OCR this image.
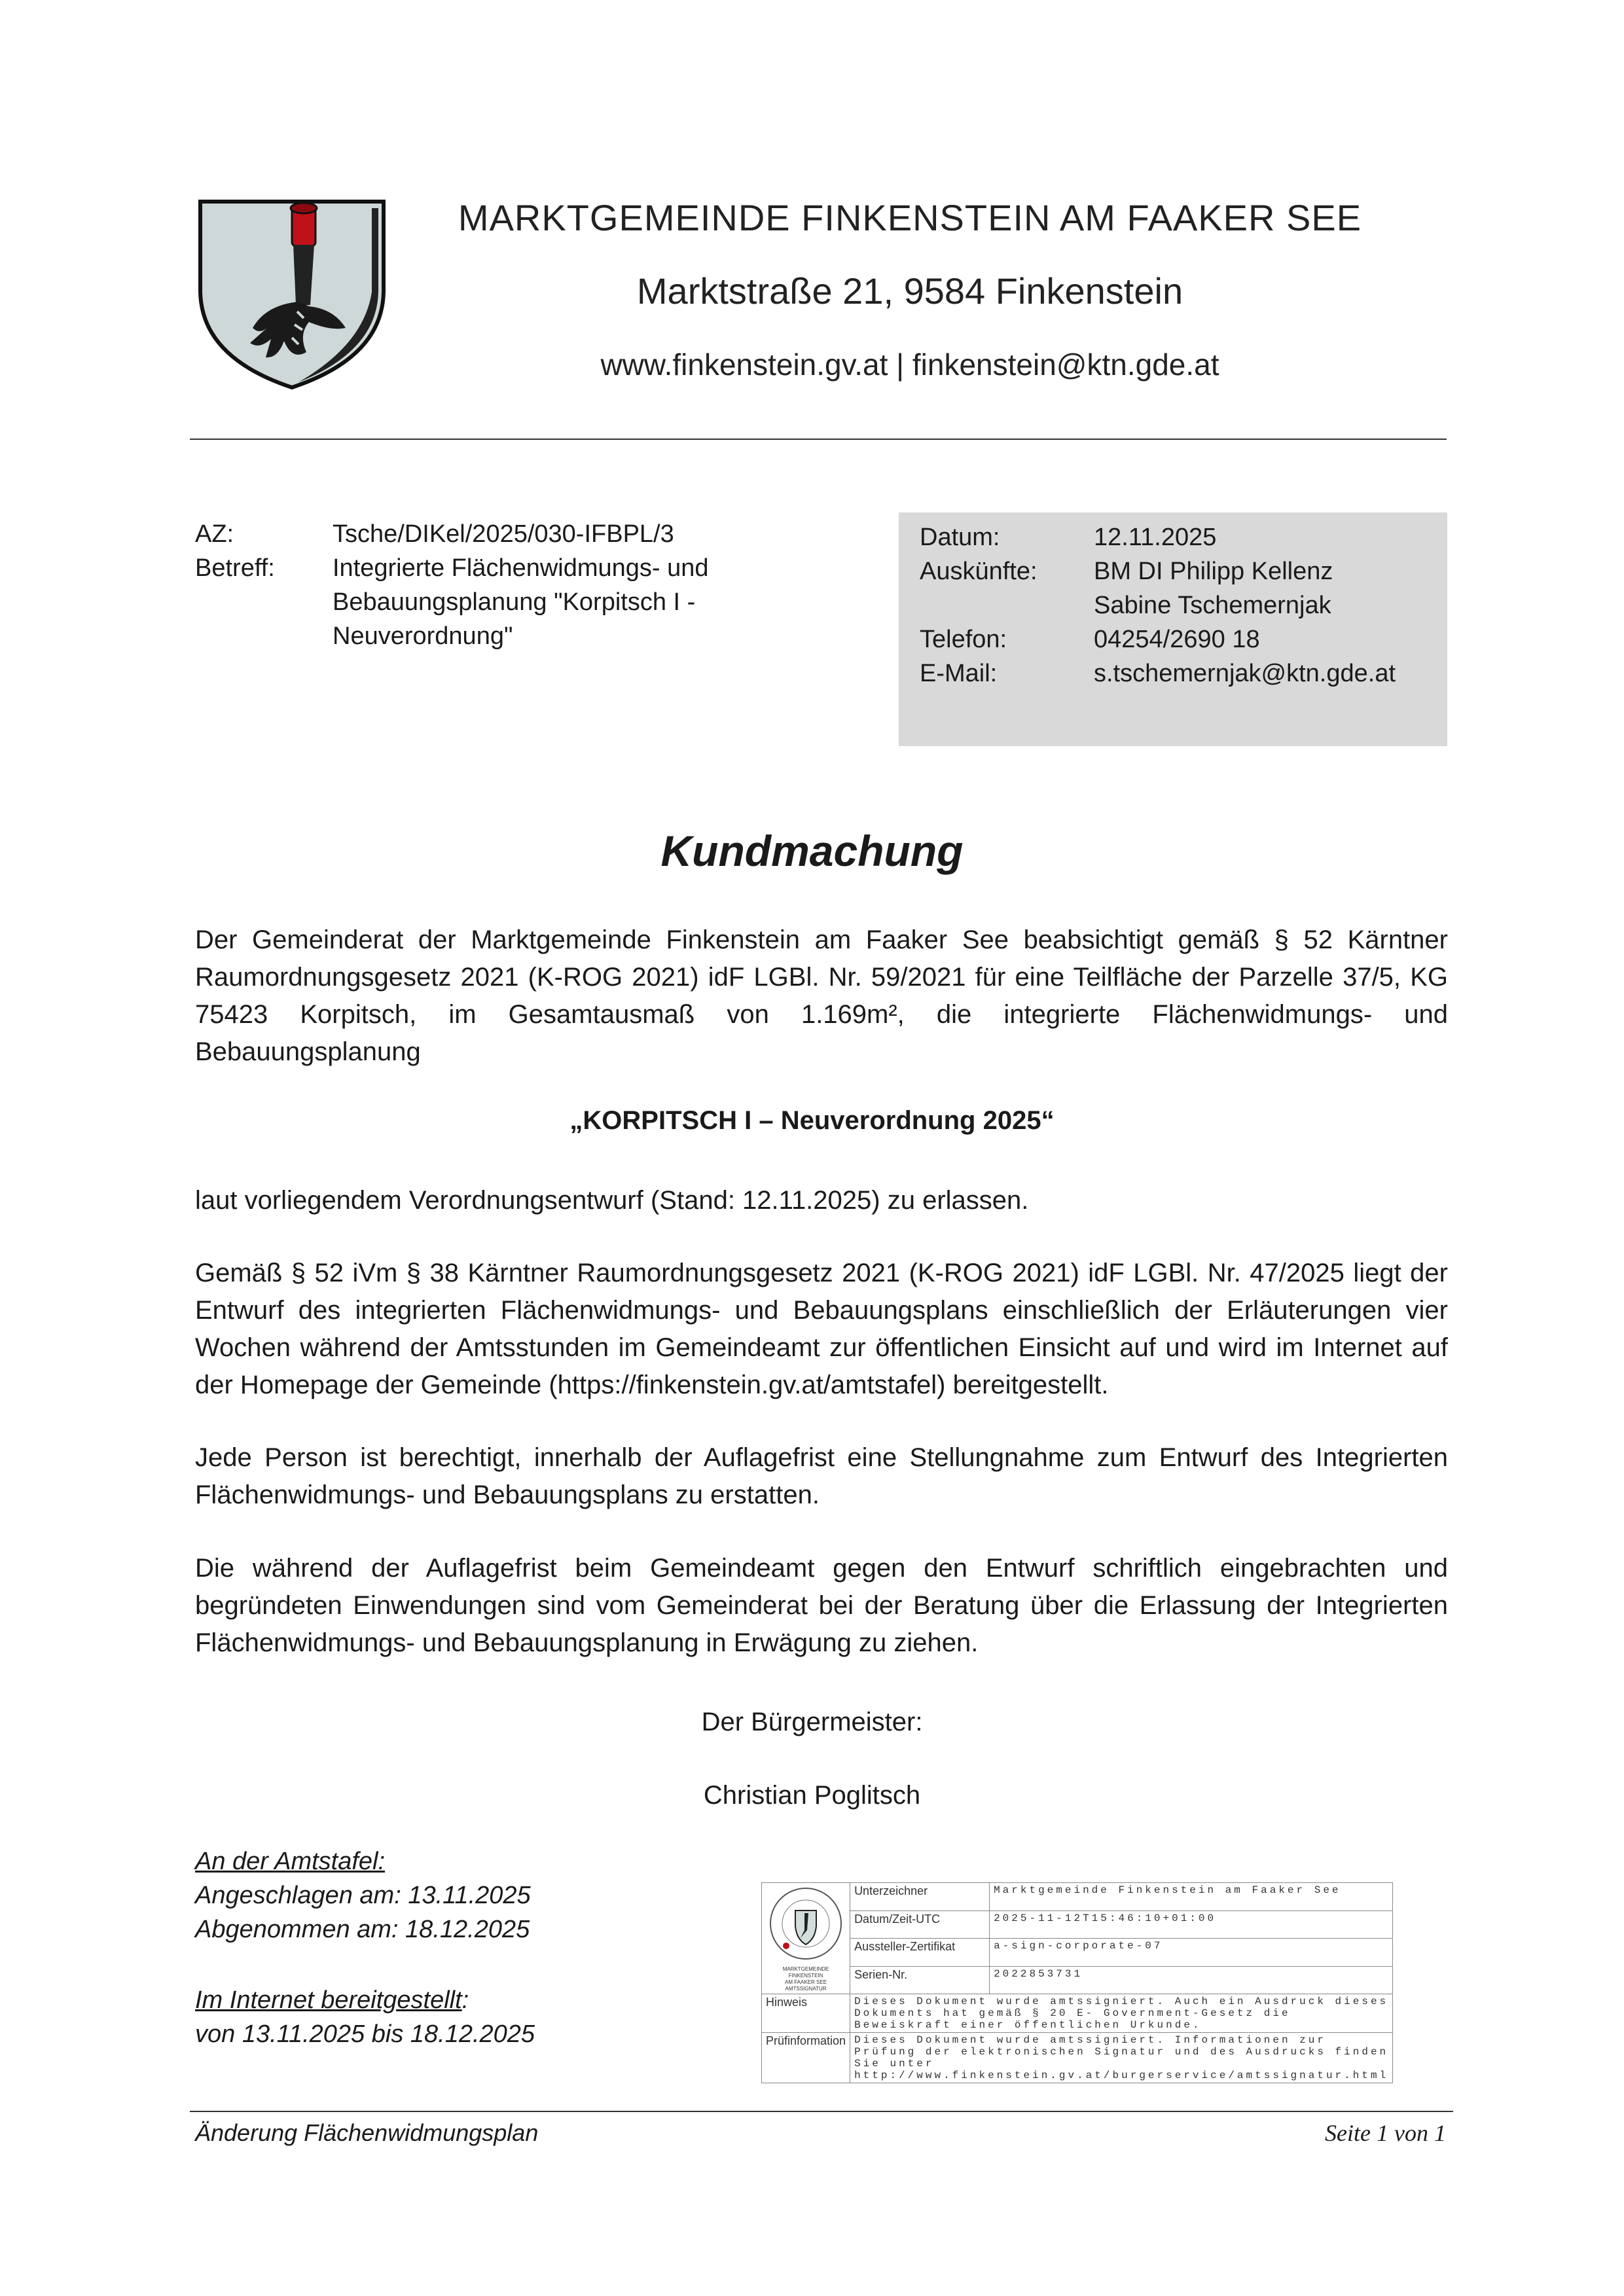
MARKTGEMEINDE FINKENSTEIN AM FAAKER SEE
Marktstraße 21, 9584 Finkenstein
www.finkenstein.gv.at | finkenstein@ktn.gde.at
AZ:	Tsche/DIKel/2025/030-IFBPL/3
Betreff:	Integrierte Flächenwidmungs- und Bebauungsplanung "Korpitsch I - Neuverordnung"
Datum:	12.11.2025
Auskünfte:	BM DI Philipp Kellenz
Sabine Tschemernjak
Telefon:	04254/2690 18
E-Mail:	s.tschemernjak@ktn.gde.at
Kundmachung
Der Gemeinderat der Marktgemeinde Finkenstein am Faaker See beabsichtigt gemäß § 52 Kärntner Raumordnungsgesetz 2021 (K-ROG 2021) idF LGBl. Nr. 59/2021 für eine Teilfläche der Parzelle 37/5, KG 75423 Korpitsch, im Gesamtausmaß von 1.169m², die integrierte Flächenwidmungs- und Bebauungsplanung
„KORPITSCH I – Neuverordnung 2025“
laut vorliegendem Verordnungsentwurf (Stand: 12.11.2025) zu erlassen.
Gemäß § 52 iVm § 38 Kärntner Raumordnungsgesetz 2021 (K-ROG 2021) idF LGBl. Nr. 47/2025 liegt der Entwurf des integrierten Flächenwidmungs- und Bebauungsplans einschließlich der Erläuterungen vier Wochen während der Amtsstunden im Gemeindeamt zur öffentlichen Einsicht auf und wird im Internet auf der Homepage der Gemeinde (https://finkenstein.gv.at/amtstafel) bereitgestellt.
Jede Person ist berechtigt, innerhalb der Auflagefrist eine Stellungnahme zum Entwurf des Integrierten Flächenwidmungs- und Bebauungsplans zu erstatten.
Die während der Auflagefrist beim Gemeindeamt gegen den Entwurf schriftlich eingebrachten und begründeten Einwendungen sind vom Gemeinderat bei der Beratung über die Erlassung der Integrierten Flächenwidmungs- und Bebauungsplanung in Erwägung zu ziehen.
Der Bürgermeister:
Christian Poglitsch
An der Amtstafel:
Angeschlagen am: 13.11.2025
Abgenommen am: 18.12.2025
Im Internet bereitgestellt:
von 13.11.2025 bis 18.12.2025
MARKTGEMEINDE FINKENSTEIN
AM FAAKER SEE
AMTSSIGNATUR	Unterzeichner	Marktgemeinde Finkenstein am Faaker See
	Datum/Zeit-UTC	2025-11-12T15:46:10+01:00
	Aussteller-Zertifikat	a-sign-corporate-07
	Serien-Nr.	2022853731
Hinweis	Dieses Dokument wurde amtssigniert. Auch ein Ausdruck dieses Dokuments hat gemäß § 20 E- Government-Gesetz die Beweiskraft einer öffentlichen Urkunde.	
Prüfinformation	Dieses Dokument wurde amtssigniert. Informationen zur Prüfung der elektronischen Signatur und des Ausdrucks finden Sie unter http://www.finkenstein.gv.at/burgerservice/amtssignatur.html	
Änderung Flächenwidmungsplan	Seite 1 von 1
